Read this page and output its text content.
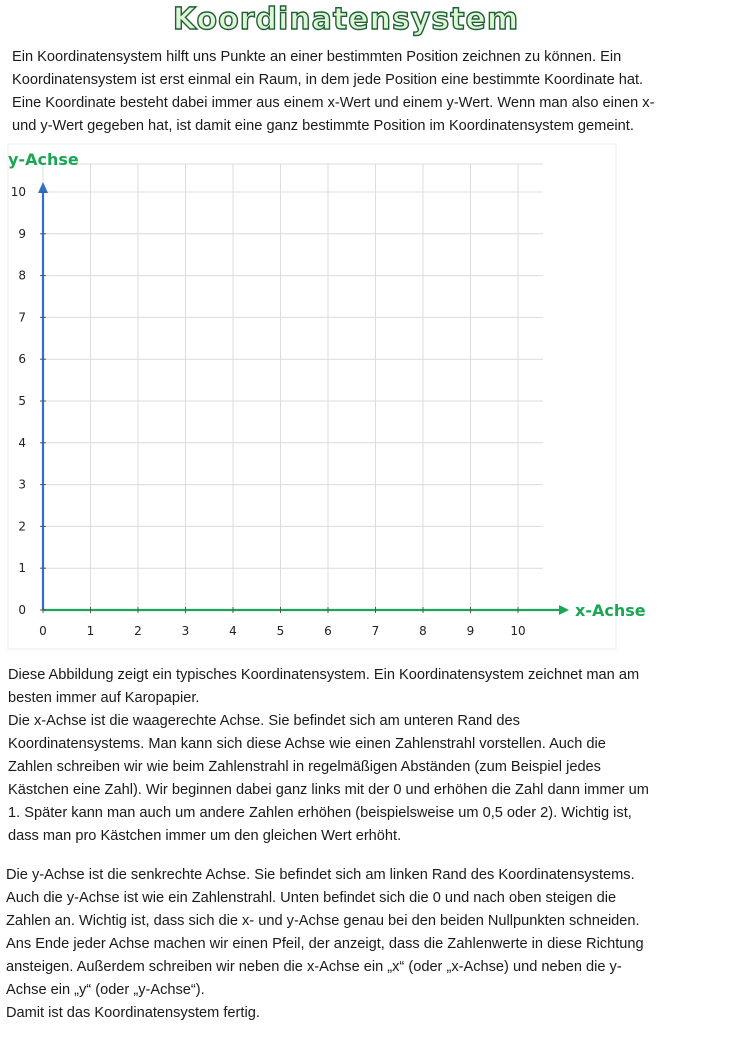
Koordinatensystem
Ein Koordinatensystem hilft uns Punkte an einer bestimmten Position zeichnen zu können. Ein
Koordinatensystem ist erst einmal ein Raum, in dem jede Position eine bestimmte Koordinate hat.
Eine Koordinate besteht dabei immer aus einem x-Wert und einem y-Wert. Wenn man also einen x-
und y-Wert gegeben hat, ist damit eine ganz bestimmte Position im Koordinatensystem gemeint.
0	1	2	3	4	5	6	7	8	9	10
0
1
2
3
4
5
6
7
8
9
10
y-Achse
x-Achse
Diese Abbildung zeigt ein typisches Koordinatensystem. Ein Koordinatensystem zeichnet man am
besten immer auf Karopapier.
Die x-Achse ist die waagerechte Achse. Sie befindet sich am unteren Rand des
Koordinatensystems. Man kann sich diese Achse wie einen Zahlenstrahl vorstellen. Auch die
Zahlen schreiben wir wie beim Zahlenstrahl in regelmäßigen Abständen (zum Beispiel jedes
Kästchen eine Zahl). Wir beginnen dabei ganz links mit der 0 und erhöhen die Zahl dann immer um
1. Später kann man auch um andere Zahlen erhöhen (beispielsweise um 0,5 oder 2). Wichtig ist,
dass man pro Kästchen immer um den gleichen Wert erhöht.
Die y-Achse ist die senkrechte Achse. Sie befindet sich am linken Rand des Koordinatensystems.
Auch die y-Achse ist wie ein Zahlenstrahl. Unten befindet sich die 0 und nach oben steigen die
Zahlen an. Wichtig ist, dass sich die x- und y-Achse genau bei den beiden Nullpunkten schneiden.
Ans Ende jeder Achse machen wir einen Pfeil, der anzeigt, dass die Zahlenwerte in diese Richtung
ansteigen. Außerdem schreiben wir neben die x-Achse ein „x“ (oder „x-Achse) und neben die y-
Achse ein „y“ (oder „y-Achse“).
Damit ist das Koordinatensystem fertig.
